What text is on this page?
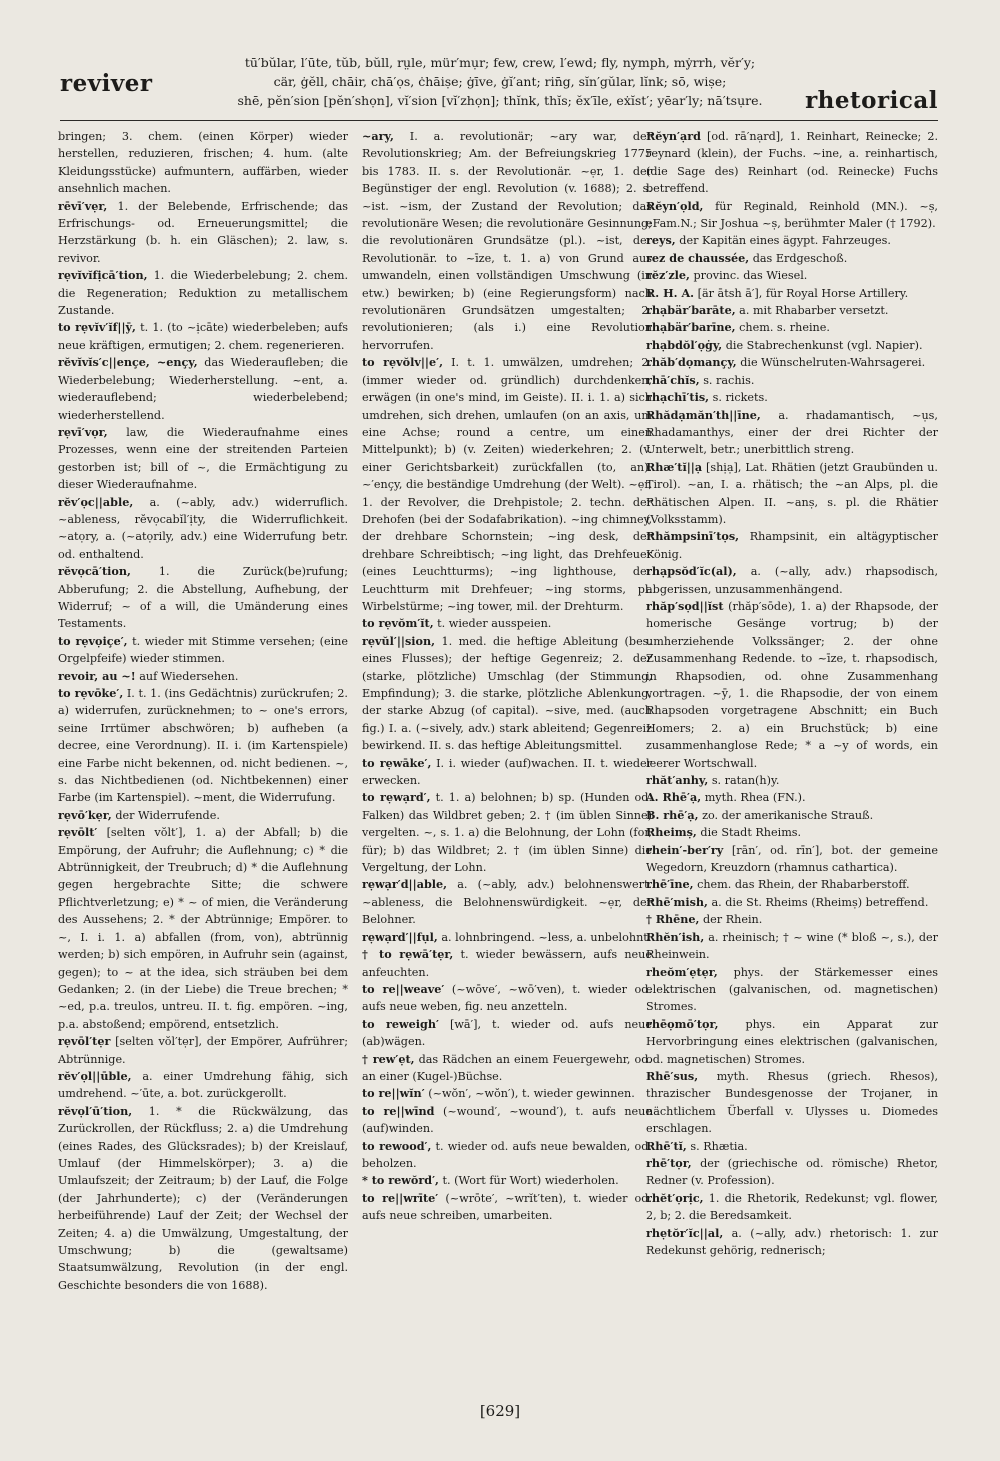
reviver
tū′bŭlar, l′ūte, tŭb, bŭll, rṳle, mür′mụr; few, crew, l′ewd; fly, nymph, mẏrrh, vĕr′y;
cär, ġĕll, chāir, chā′ọs, ċhāiṣe; ġīve, ġĭ′ant; rin̄g, sĭn′gŭlar, lĭnk; sō, wiṣe;
shē, pĕn′sion [pĕn′shọn], vĭ′sion [vĭ′zhọn]; thĭnk, thĭs; ĕx′īle, eẋĭst′; yēar′ly; nā′tsụre.	rhetorical
bringen; 3. chem. (einen Körper) wieder herstellen, reduzieren, frischen; 4. hum. (alte Kleidungsstücke) aufmuntern, auffärben, wieder ansehnlich machen.
rēvī′vẹr, 1. der Belebende, Erfrischende; das Erfrischungs- od. Erneuerungsmittel; die Herzstärkung (b. h. ein Gläschen); 2. law, s. revivor.
rẹvĭvĭfịcā′tion, 1. die Wiederbelebung; 2. chem. die Regeneration; Reduktion zu metallischem Zustande.
to rẹvĭv′ĭf||ȳ, t. 1. (to ~ịcāte) wiederbeleben; aufs neue kräftigen, ermutigen; 2. chem. regenerieren.
rĕvĭvĭs′c||ençe, ~ençy, das Wiederaufleben; die Wiederbelebung; Wiederherstellung. ~ent, a. wiederauflebend; wiederbelebend; wiederherstellend.
rẹvī′vọr, law, die Wiederaufnahme eines Prozesses, wenn eine der streitenden Parteien gestorben ist; bill of ~, die Ermächtigung zu dieser Wiederaufnahme.
rĕv′ọc||able, a. (~ably, adv.) widerruflich. ~ableness, rĕvọcabĭl′ịty, die Widerruflichkeit. ~atọry, a. (~atọrily, adv.) eine Widerrufung betr. od. enthaltend.
rĕvọcā′tion, 1. die Zurück(be)rufung; Abberufung; 2. die Abstellung, Aufhebung, der Widerruf; ~ of a will, die Umänderung eines Testaments.
to rẹvọiçe′, t. wieder mit Stimme versehen; (eine Orgelpfeife) wieder stimmen.
revoir, au ~! auf Wiedersehen.
to rẹvōke′, I. t. 1. (ins Gedächtnis) zurückrufen; 2. a) widerrufen, zurücknehmen; to ~ one's errors, seine Irrtümer abschwören; b) aufheben (a decree, eine Verordnung). II. i. (im Kartenspiele) eine Farbe nicht bekennen, od. nicht bedienen. ~, s. das Nichtbedienen (od. Nichtbekennen) einer Farbe (im Kartenspiel). ~ment, die Widerrufung.
rẹvō′kẹr, der Widerrufende.
rẹvōlt′ [selten vŏlt′], 1. a) der Abfall; b) die Empörung, der Aufruhr; die Auflehnung; c) * die Abtrünnigkeit, der Treubruch; d) * die Auflehnung gegen hergebrachte Sitte; die schwere Pflichtverletzung; e) * ~ of mien, die Veränderung des Aussehens; 2. * der Abtrünnige; Empörer. to ~, I. i. 1. a) abfallen (from, von), abtrünnig werden; b) sich empören, in Aufruhr sein (against, gegen); to ~ at the idea, sich sträuben bei dem Gedanken; 2. (in der Liebe) die Treue brechen; * ~ed, p.a. treulos, untreu. II. t. fig. empören. ~ing, p.a. abstoßend; empörend, entsetzlich.
rẹvōl′tẹr [selten vŏl′tẹr], der Empörer, Aufrührer; Abtrünnige.
rĕv′ọl||ūble, a. einer Umdrehung fähig, sich umdrehend. ~′ūte, a. bot. zurückgerollt.
rĕvọl′ū′tion, 1. * die Rückwälzung, das Zurückrollen, der Rückfluss; 2. a) die Umdrehung (eines Rades, des Glücksrades); b) der Kreislauf, Umlauf (der Himmelskörper); 3. a) die Umlaufszeit; der Zeitraum; b) der Lauf, die Folge (der Jahrhunderte); c) der (Veränderungen herbeiführende) Lauf der Zeit; der Wechsel der Zeiten; 4. a) die Umwälzung, Umgestaltung, der Umschwung; b) die (gewaltsame) Staatsumwälzung, Revolution (in der engl. Geschichte besonders die von 1688).
~ary, I. a. revolutionär; ~ary war, der Revolutionskrieg; Am. der Befreiungskrieg 1775 bis 1783. II. s. der Revolutionär. ~ẹr, 1. der Begünstiger der engl. Revolution (v. 1688); 2. s. ~ist. ~ism, der Zustand der Revolution; das revolutionäre Wesen; die revolutionäre Gesinnung; die revolutionären Grundsätze (pl.). ~ist, der Revolutionär. to ~īze, t. 1. a) von Grund aus umwandeln, einen vollständigen Umschwung (in etw.) bewirken; b) (eine Regierungsform) nach revolutionären Grundsätzen umgestalten; 2. revolutionieren; (als i.) eine Revolution hervorrufen.
to rẹvŏlv||e′, I. t. 1. umwälzen, umdrehen; 2. (immer wieder od. gründlich) durchdenken, erwägen (in one's mind, im Geiste). II. i. 1. a) sich umdrehen, sich drehen, umlaufen (on an axis, um eine Achse; round a centre, um einen Mittelpunkt); b) (v. Zeiten) wiederkehren; 2. (v. einer Gerichtsbarkeit) zurückfallen (to, an). ~′ençy, die beständige Umdrehung (der Welt). ~ẹr, 1. der Revolver, die Drehpistole; 2. techn. der Drehofen (bei der Sodafabrikation). ~ing chimney, der drehbare Schornstein; ~ing desk, der drehbare Schreibtisch; ~ing light, das Drehfeuer (eines Leuchtturms); ~ing lighthouse, der Leuchtturm mit Drehfeuer; ~ing storms, pl. Wirbelstürme; ~ing tower, mil. der Drehturm.
to rẹvŏm′ĭt, t. wieder ausspeien.
rẹvŭl′||sion, 1. med. die heftige Ableitung (bes. eines Flusses); der heftige Gegenreiz; 2. der (starke, plötzliche) Umschlag (der Stimmung, Empfindung); 3. die starke, plötzliche Ablenkung, der starke Abzug (of capital). ~sive, med. (auch fig.) I. a. (~sively, adv.) stark ableitend; Gegenreiz bewirkend. II. s. das heftige Ableitungsmittel.
to rẹwāke′, I. i. wieder (auf)wachen. II. t. wieder erwecken.
to rẹwạrd′, t. 1. a) belohnen; b) sp. (Hunden od. Falken) das Wildbret geben; 2. † (im üblen Sinne) vergelten. ~, s. 1. a) die Belohnung, der Lohn (for, für); b) das Wildbret; 2. † (im üblen Sinne) die Vergeltung, der Lohn.
rẹwạr′d||able, a. (~ably, adv.) belohnenswert. ~ableness, die Belohnenswürdigkeit. ~ẹr, der Belohner.
rẹwạrd′||fụl, a. lohnbringend. ~less, a. unbelohnt.
† to rẹwā′tẹr, t. wieder bewässern, aufs neue anfeuchten.
to re||weave′ (~wōve′, ~wō′ven), t. wieder od. aufs neue weben, fig. neu anzetteln.
to reweigh′ [wā′], t. wieder od. aufs neue (ab)wägen.
† rew′ẹt, das Rädchen an einem Feuergewehr, od. an einer (Kugel-)Büchse.
to re||wĭn′ (~wŏn′, ~wŏn′), t. wieder gewinnen.
to re||wīnd (~wound′, ~wound′), t. aufs neue (auf)winden.
to rewood′, t. wieder od. aufs neue bewalden, od. beholzen.
* to rewŏrd′, t. (Wort für Wort) wiederholen.
to re||wrīte′ (~wrōte′, ~wrĭt′ten), t. wieder od. aufs neue schreiben, umarbeiten.
Rĕyn′ạrd [od. rā′nạrd], 1. Reinhart, Reinecke; 2. reynard (klein), der Fuchs. ~ine, a. reinhartisch, (die Sage des) Reinhart (od. Reinecke) Fuchs betreffend.
Rĕyn′ọld, für Reginald, Reinhold (MN.). ~ṣ, eFam.N.; Sir Joshua ~ṣ, berühmter Maler († 1792).
reys, der Kapitän eines ägypt. Fahrzeuges.
rez de chaussée, das Erdgeschoß.
rĕz′zle, provinc. das Wiesel.
R. H. A. [är ātsh ā′], für Royal Horse Artillery.
rhạbär′barāte, a. mit Rhabarber versetzt.
rhạbär′barīne, chem. s. rheine.
rhạbdŏl′ọġy, die Stabrechenkunst (vgl. Napier).
rhăb′dọmançy, die Wünschelruten-Wahrsagerei.
rhā′chĭs, s. rachis.
rhạchī′tis, s. rickets.
Rhădạmăn′th||īne, a. rhadamantisch, ~ụs, Rhadamanthys, einer der drei Richter der Unterwelt, betr.; unerbittlich streng.
Rhæ′tĭ||ạ [shịạ], Lat. Rhätien (jetzt Graubünden u. Tirol). ~an, I. a. rhätisch; the ~an Alps, pl. die Rhätischen Alpen. II. ~anṣ, s. pl. die Rhätier (Volksstamm).
Rhămpsinī′tọs, Rhampsinit, ein altägyptischer König.
rhạpsŏd′ĭc(al), a. (~ally, adv.) rhapsodisch, abgerissen, unzusammenhängend.
rhăp′sọd||ĭst (rhăp′sōde), 1. a) der Rhapsode, der homerische Gesänge vortrug; b) der umherziehende Volkssänger; 2. der ohne Zusammenhang Redende. to ~īze, t. rhapsodisch, in Rhapsodien, od. ohne Zusammenhang vortragen. ~ȳ, 1. die Rhapsodie, der von einem Rhapsoden vorgetragene Abschnitt; ein Buch Homers; 2. a) ein Bruchstück; b) eine zusammenhanglose Rede; * a ~y of words, ein leerer Wortschwall.
rhăt′anhy, s. ratan(h)y.
A. Rhē′ạ, myth. Rhea (FN.).
B. rhē′ạ, zo. der amerikanische Strauß.
Rheimṣ, die Stadt Rheims.
rhein′-ber′ry [rān′, od. rīn′], bot. der gemeine Wegedorn, Kreuzdorn (rhamnus cathartica).
rhē′īne, chem. das Rhein, der Rhabarberstoff.
Rhē′mish, a. die St. Rheims (Rheimṣ) betreffend.
† Rhēne, der Rhein.
Rhĕn′ish, a. rheinisch; † ~ wine (* bloß ~, s.), der Rheinwein.
rheŏm′ẹtẹr, phys. der Stärkemesser eines elektrischen (galvanischen, od. magnetischen) Stromes.
rhēọmō′tọr, phys. ein Apparat zur Hervorbringung eines elektrischen (galvanischen, od. magnetischen) Stromes.
Rhē′sus, myth. Rhesus (griech. Rhesos), thrazischer Bundesgenosse der Trojaner, in nächtlichem Überfall v. Ulysses u. Diomedes erschlagen.
Rhē′tĭ, s. Rhætia.
rhē′tọr, der (griechische od. römische) Rhetor, Redner (v. Profession).
rhĕt′ọrịc, 1. die Rhetorik, Redekunst; vgl. flower, 2, b; 2. die Beredsamkeit.
rhẹtŏr′ĭc||al, a. (~ally, adv.) rhetorisch: 1. zur Redekunst gehörig, rednerisch;
[629]
